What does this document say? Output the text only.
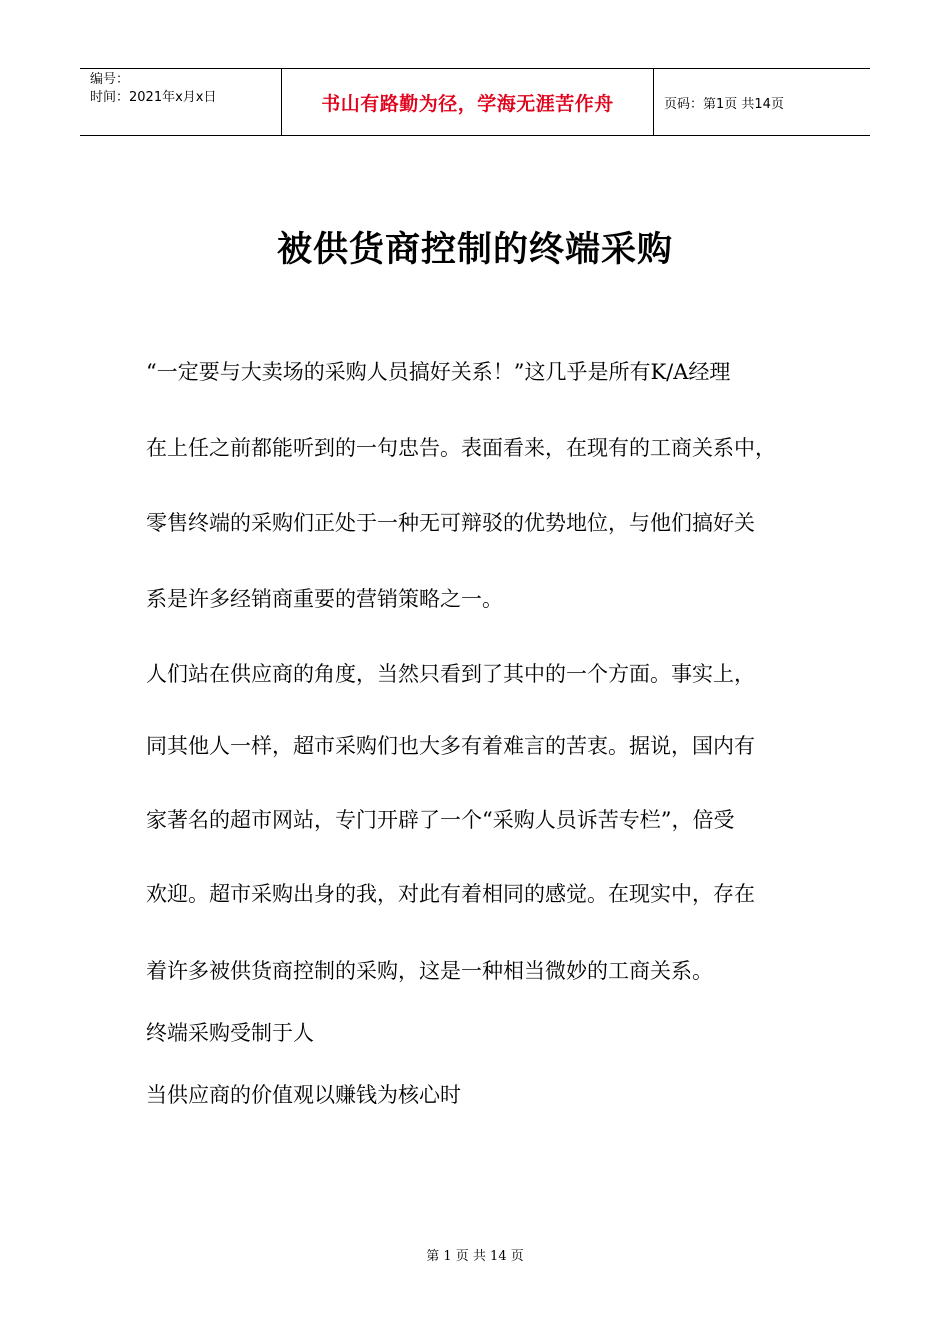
编号：
时间：2021年x月x日	书山有路勤为径，学海无涯苦作舟	页码：第1页 共14页
被供货商控制的终端采购
“一定要与大卖场的采购人员搞好关系！”这几乎是所有K/A经理
在上任之前都能听到的一句忠告。表面看来，在现有的工商关系中，
零售终端的采购们正处于一种无可辩驳的优势地位，与他们搞好关
系是许多经销商重要的营销策略之一。
人们站在供应商的角度，当然只看到了其中的一个方面。事实上，
同其他人一样，超市采购们也大多有着难言的苦衷。据说，国内有
家著名的超市网站，专门开辟了一个“采购人员诉苦专栏”，倍受
欢迎。超市采购出身的我，对此有着相同的感觉。在现实中，存在
着许多被供货商控制的采购，这是一种相当微妙的工商关系。
终端采购受制于人
当供应商的价值观以赚钱为核心时
第 1 页 共 14 页
